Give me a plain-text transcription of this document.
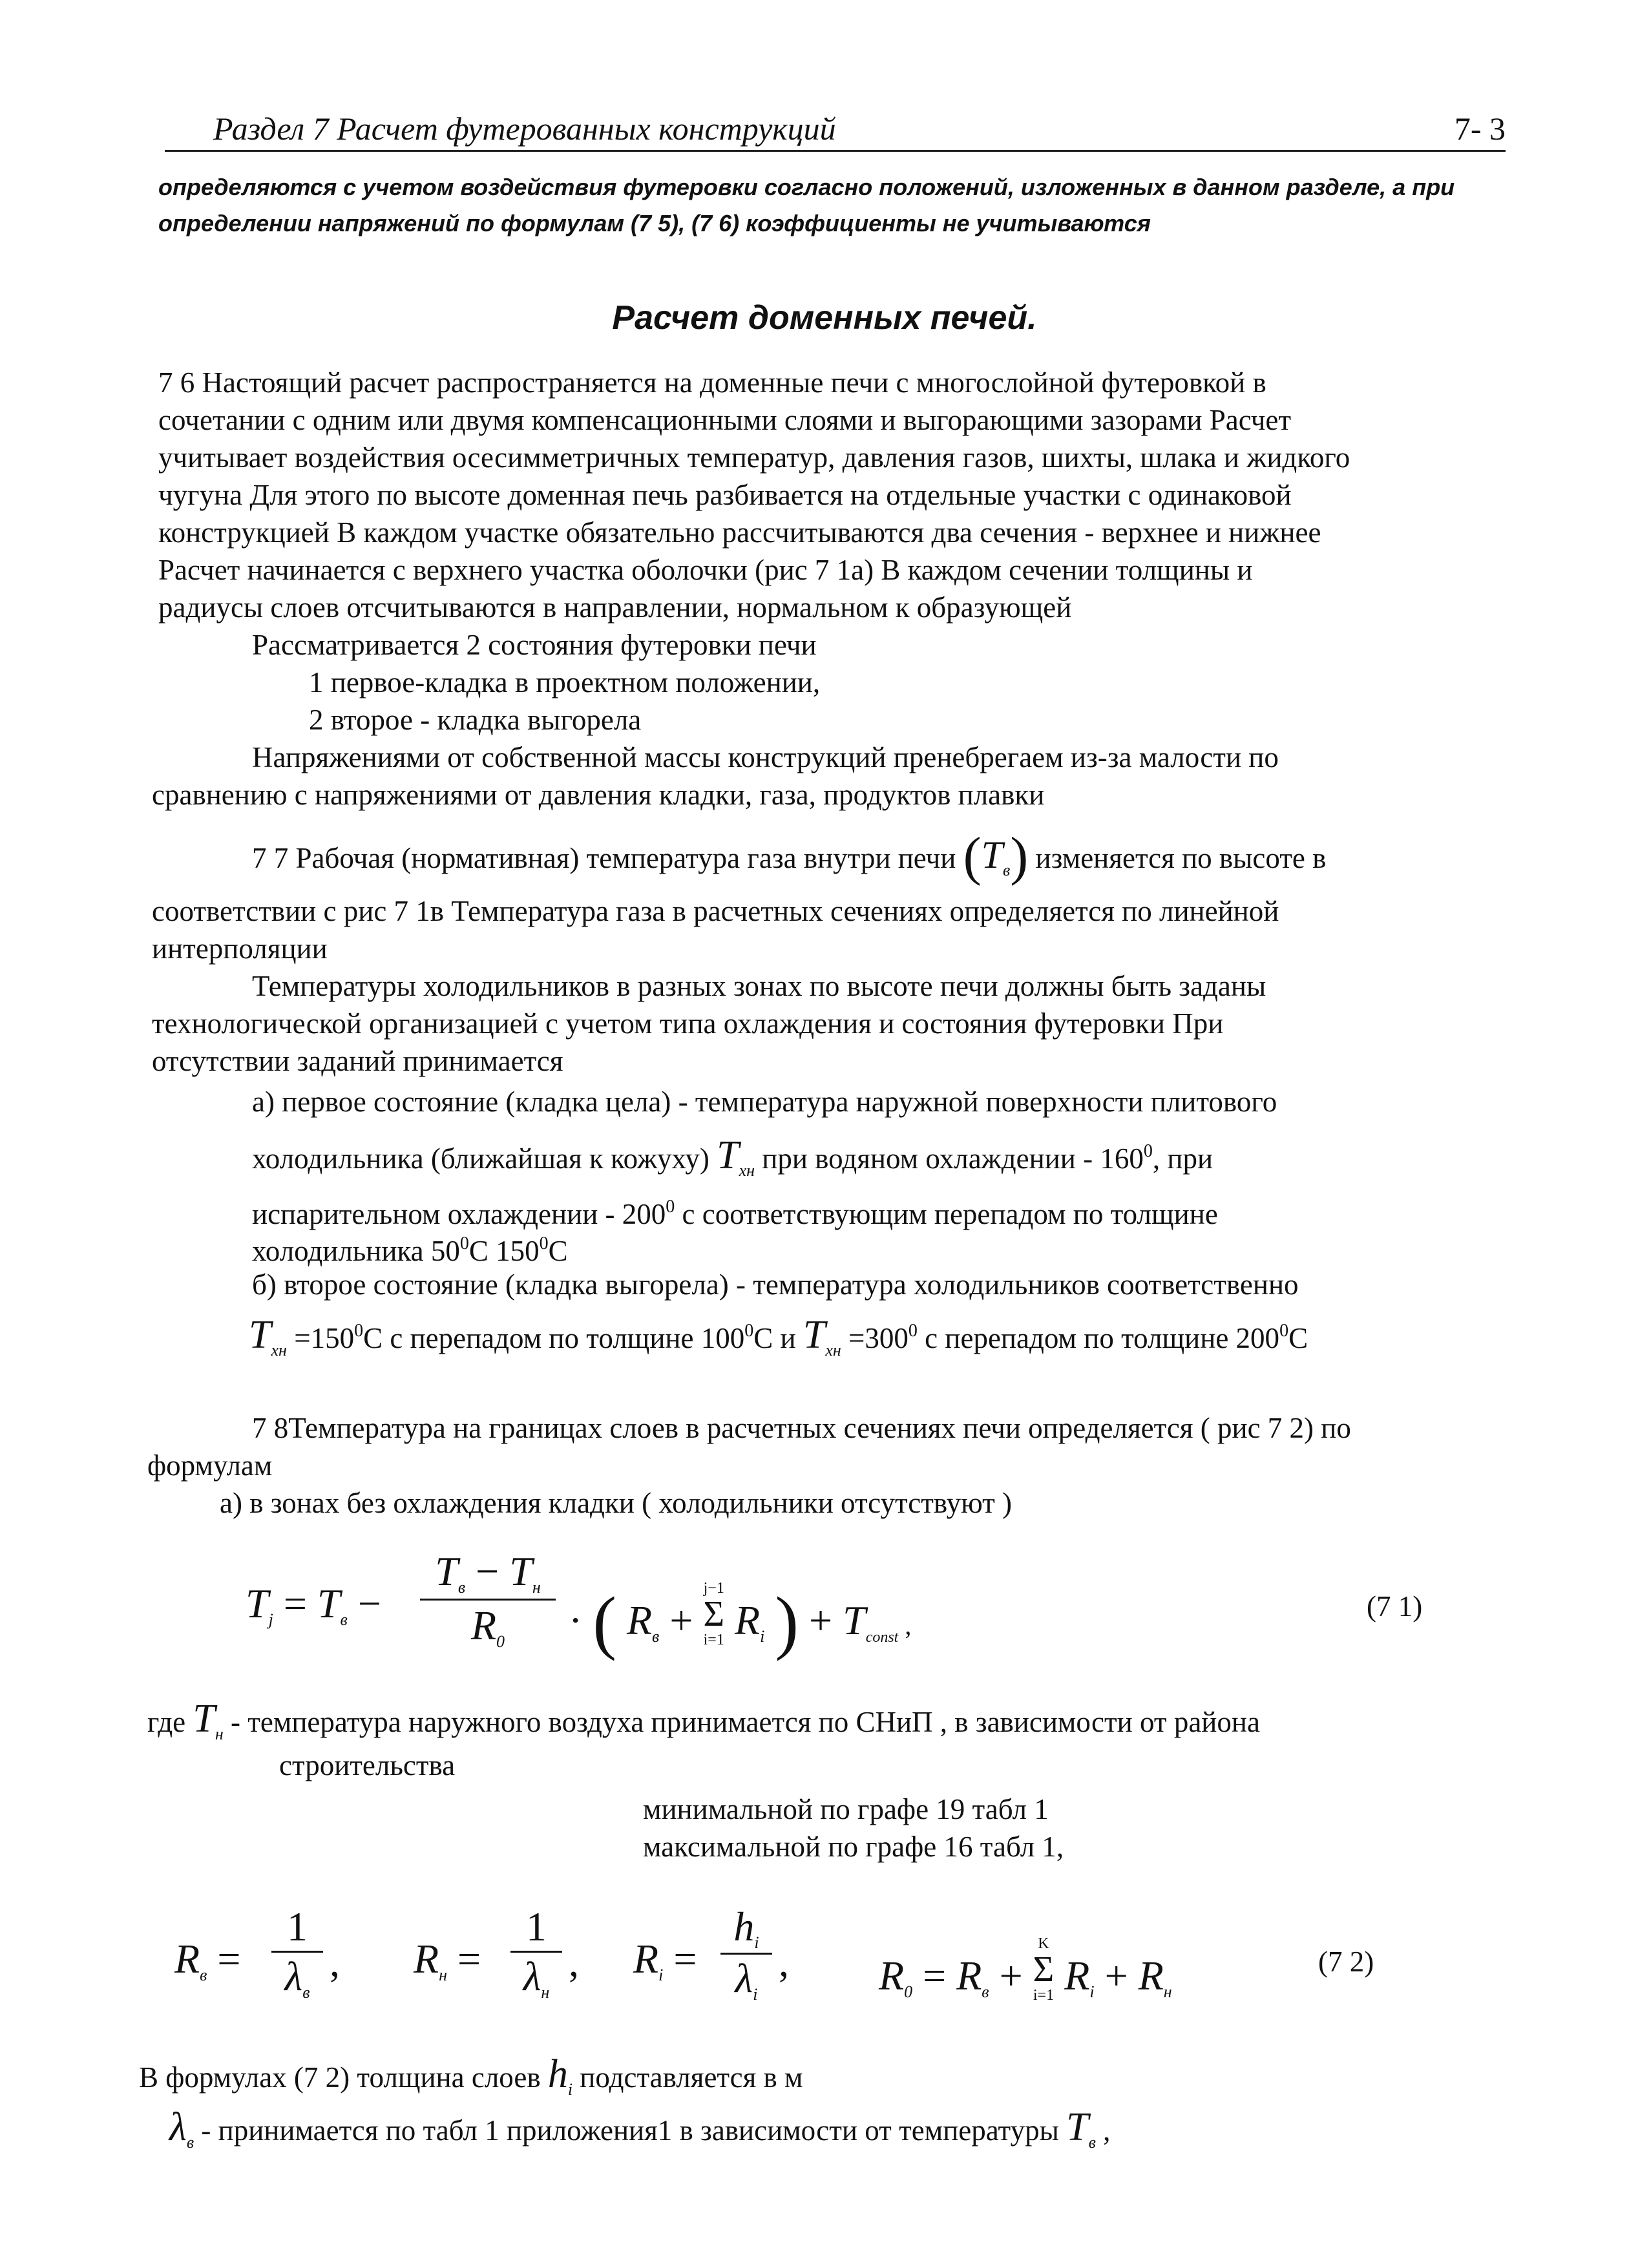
Раздел 7 Расчет футерованных конструкций	7- 3
определяются с учетом воздействия футеровки согласно положений, изложенных в данном разделе, а при
определении напряжений по формулам (7 5), (7 6) коэффициенты не учитываются
Расчет доменных печей.
7 6 Настоящий расчет распространяется на доменные печи с многослойной футеровкой в
сочетании с одним или двумя компенсационными слоями и выгорающими зазорами Расчет
учитывает воздействия осесимметричных температур, давления газов, шихты, шлака и жидкого
чугуна Для этого по высоте доменная печь разбивается на отдельные участки с одинаковой
конструкцией В каждом участке обязательно рассчитываются два сечения - верхнее и нижнее
Расчет начинается с верхнего участка оболочки (рис 7 1а) В каждом сечении толщины и
радиусы слоев отсчитываются в направлении, нормальном к образующей
Рассматривается 2 состояния футеровки печи
1 первое-кладка в проектном положении,
2 второе - кладка выгорела
Напряжениями от собственной массы конструкций пренебрегаем из-за малости по
сравнению с напряжениями от давления кладки, газа, продуктов плавки
7 7 Рабочая (нормативная) температура газа внутри печи $(T_в)$ изменяется по высоте в
соответствии с рис 7 1в Температура газа в расчетных сечениях определяется по линейной
интерполяции
Температуры холодильников в разных зонах по высоте печи должны быть заданы
технологической организацией с учетом типа охлаждения и состояния футеровки При
отсутствии заданий принимается
а) первое состояние (кладка цела) - температура наружной поверхности плитового
холодильника (ближайшая к кожуху) $T_{хн}$ при водяном охлаждении - $160^0$, при
испарительном охлаждении - $200^0$ с соответствующим перепадом по толщине
холодильника $50^0С$ $150^0С$
б) второе состояние (кладка выгорела) - температура холодильников соответственно
$T_{хн} =150^0С$ с перепадом по толщине $100^0С$ и $T_{хн} =300^0$ с перепадом по толщине $200^0С$
7 8Температура на границах слоев в расчетных сечениях печи определяется ( рис 7 2) по
формулам
а) в зонах без охлаждения кладки ( холодильники отсутствуют )
$T_j = T_в$ −
$T_в - T_н$
$R_0$	· ( $R_в$ +
j−1
Σ
i=1 $R_i$ ) + $T_{const}$ ,
(7 1)
где $T_н$ - температура наружного воздуха принимается по СНиП , в зависимости от района
строительства
минимальной по графе 19 табл 1
максимальной по графе 16 табл 1,
$R_в$ =
1
$\lambda_в$
, $R_н$ =
1
$\lambda_н$
, $R_i$ =
$h_i$
$\lambda_i$
, $R_0 = R_в$ +
K
Σ
i=1 $R_i + R_н$
(7 2)
В формулах (7 2) толщина слоев $h_i$ подставляется в м
$\lambda_в$ - принимается по табл 1 приложения1 в зависимости от температуры $T_в$ ,
